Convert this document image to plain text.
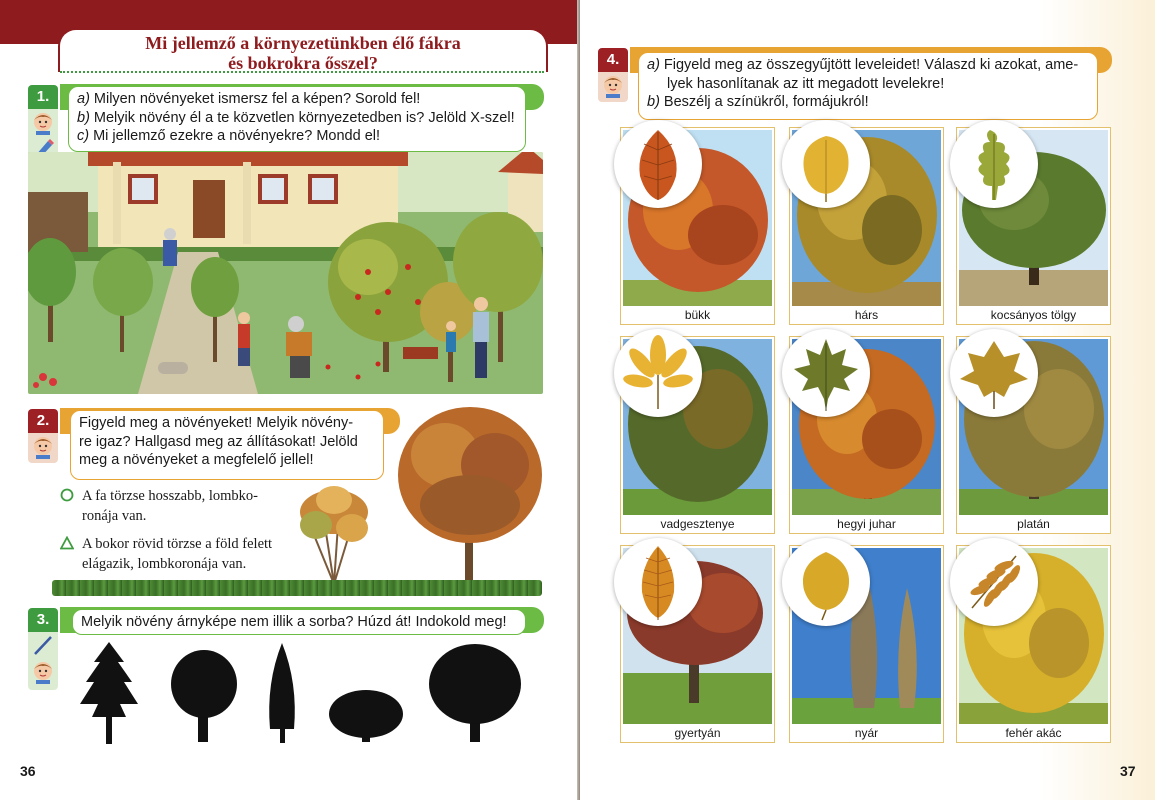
Mi jellemző a környezetünkben élő fákra
és bokrokra ősszel?
1.	a) Milyen növényeket ismersz fel a képen? Sorold fel!
b) Melyik növény él a te közvetlen környezetedben is? Jelöld X-szel!
c) Mi jellemző ezekre a növényekre? Mondd el!
2.	Figyeld meg a növényeket! Melyik növény-
re igaz? Hallgasd meg az állításokat! Jelöld
meg a növényeket a megfelelő jellel!
A fa törzse hosszabb, lombko-
ronája van.
A bokor rövid törzse a föld felett
elágazik, lombkoronája van.
3.	Melyik növény árnyképe nem illik a sorba? Húzd át! Indokold meg!
36
4.	a) Figyeld meg az összegyűjtött leveleidet! Válaszd ki azokat, ame-
lyek hasonlítanak az itt megadott levelekre!
b) Beszélj a színükről, formájukról!
bükk	hárs	kocsányos tölgy
vadgesztenye	hegyi juhar	platán
gyertyán	nyár	fehér akác
37
